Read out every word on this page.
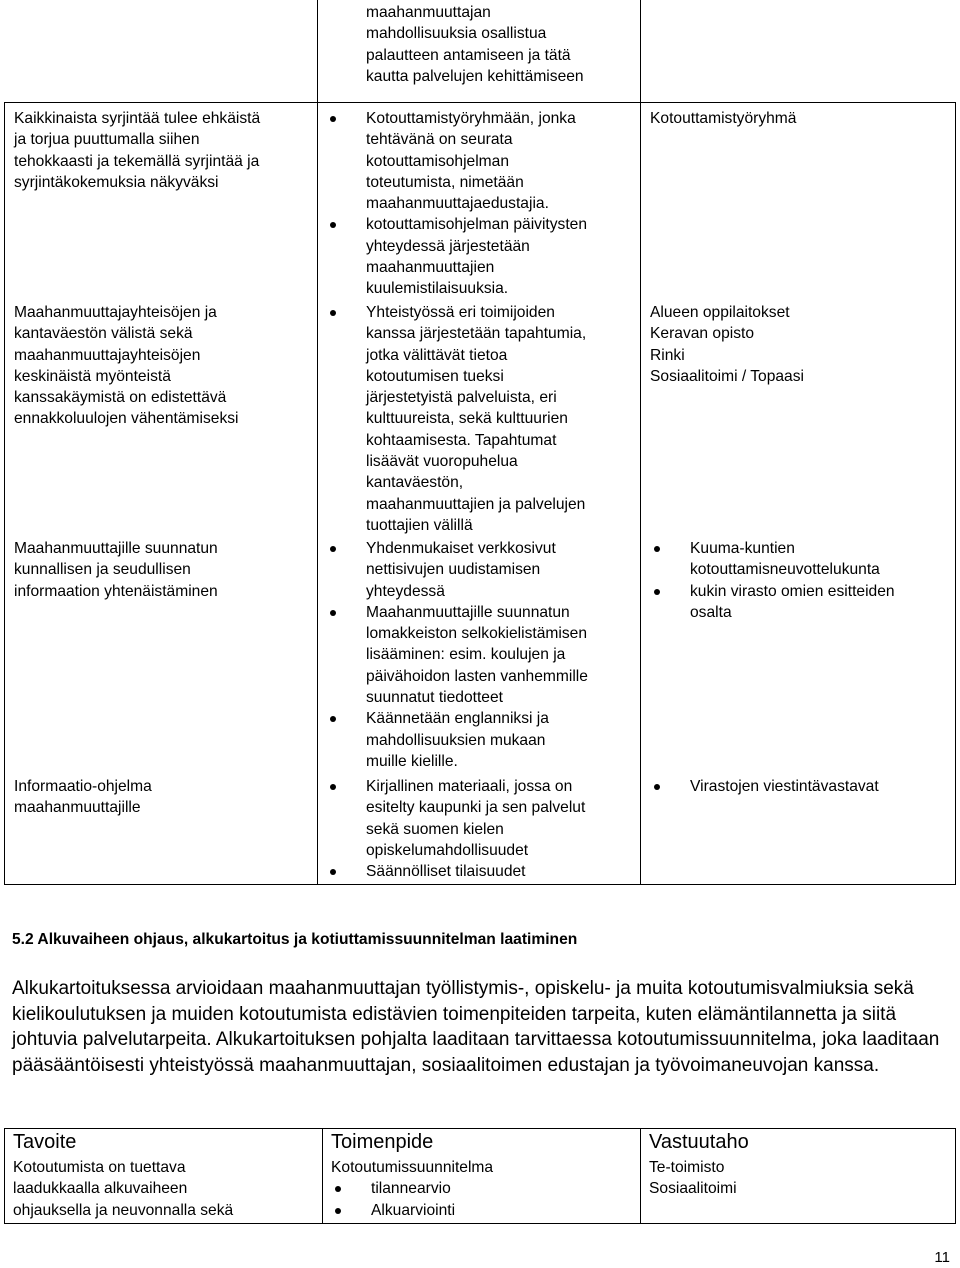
maahanmuuttajan
mahdollisuuksia osallistua
palautteen antamiseen ja tätä
kautta palvelujen kehittämiseen
Kaikkinaista syrjintää tulee ehkäistä
ja torjua puuttumalla siihen
tehokkaasti ja tekemällä syrjintää ja
syrjintäkokemuksia näkyväksi
Kotouttamistyöryhmään, jonka
tehtävänä on seurata
kotouttamisohjelman
toteutumista, nimetään
maahanmuuttajaedustajia.
kotouttamisohjelman päivitysten
yhteydessä järjestetään
maahanmuuttajien
kuulemistilaisuuksia.
Kotouttamistyöryhmä
Maahanmuuttajayhteisöjen ja
kantaväestön välistä sekä
maahanmuuttajayhteisöjen
keskinäistä myönteistä
kanssakäymistä on edistettävä
ennakkoluulojen vähentämiseksi
Yhteistyössä eri toimijoiden
kanssa järjestetään tapahtumia,
jotka välittävät tietoa
kotoutumisen tueksi
järjestetyistä palveluista, eri
kulttuureista, sekä kulttuurien
kohtaamisesta. Tapahtumat
lisäävät vuoropuhelua
kantaväestön,
maahanmuuttajien ja palvelujen
tuottajien välillä
Alueen oppilaitokset
Keravan opisto
Rinki
Sosiaalitoimi / Topaasi
Maahanmuuttajille suunnatun
kunnallisen ja seudullisen
informaation yhtenäistäminen
Yhdenmukaiset verkkosivut
nettisivujen uudistamisen
yhteydessä
Maahanmuuttajille suunnatun
lomakkeiston selkokielistämisen
lisääminen: esim. koulujen ja
päivähoidon lasten vanhemmille
suunnatut tiedotteet
Käännetään englanniksi ja
mahdollisuuksien mukaan
muille kielille.
Kuuma-kuntien
kotouttamisneuvottelukunta
kukin virasto omien esitteiden
osalta
Informaatio-ohjelma
maahanmuuttajille
Kirjallinen materiaali, jossa on
esitelty kaupunki ja sen palvelut
sekä suomen kielen
opiskelumahdollisuudet
Säännölliset tilaisuudet
Virastojen viestintävastavat
5.2 Alkuvaiheen ohjaus, alkukartoitus ja kotiuttamissuunnitelman laatiminen
Alkukartoituksessa arvioidaan maahanmuuttajan työllistymis-, opiskelu- ja muita kotoutumisvalmiuksia sekä kielikoulutuksen ja muiden kotoutumista edistävien toimenpiteiden tarpeita, kuten elämäntilannetta ja siitä johtuvia palvelutarpeita. Alkukartoituksen pohjalta laaditaan tarvittaessa kotoutumissuunnitelma, joka laaditaan pääsääntöisesti yhteistyössä maahanmuuttajan, sosiaalitoimen edustajan ja työvoimaneuvojan kanssa.
Tavoite	Toimenpide	Vastuutaho
Kotoutumista on tuettava
laadukkaalla alkuvaiheen
ohjauksella ja neuvonnalla sekä
Kotoutumissuunnitelma
tilannearvio
Alkuarviointi
Te-toimisto
Sosiaalitoimi
11
